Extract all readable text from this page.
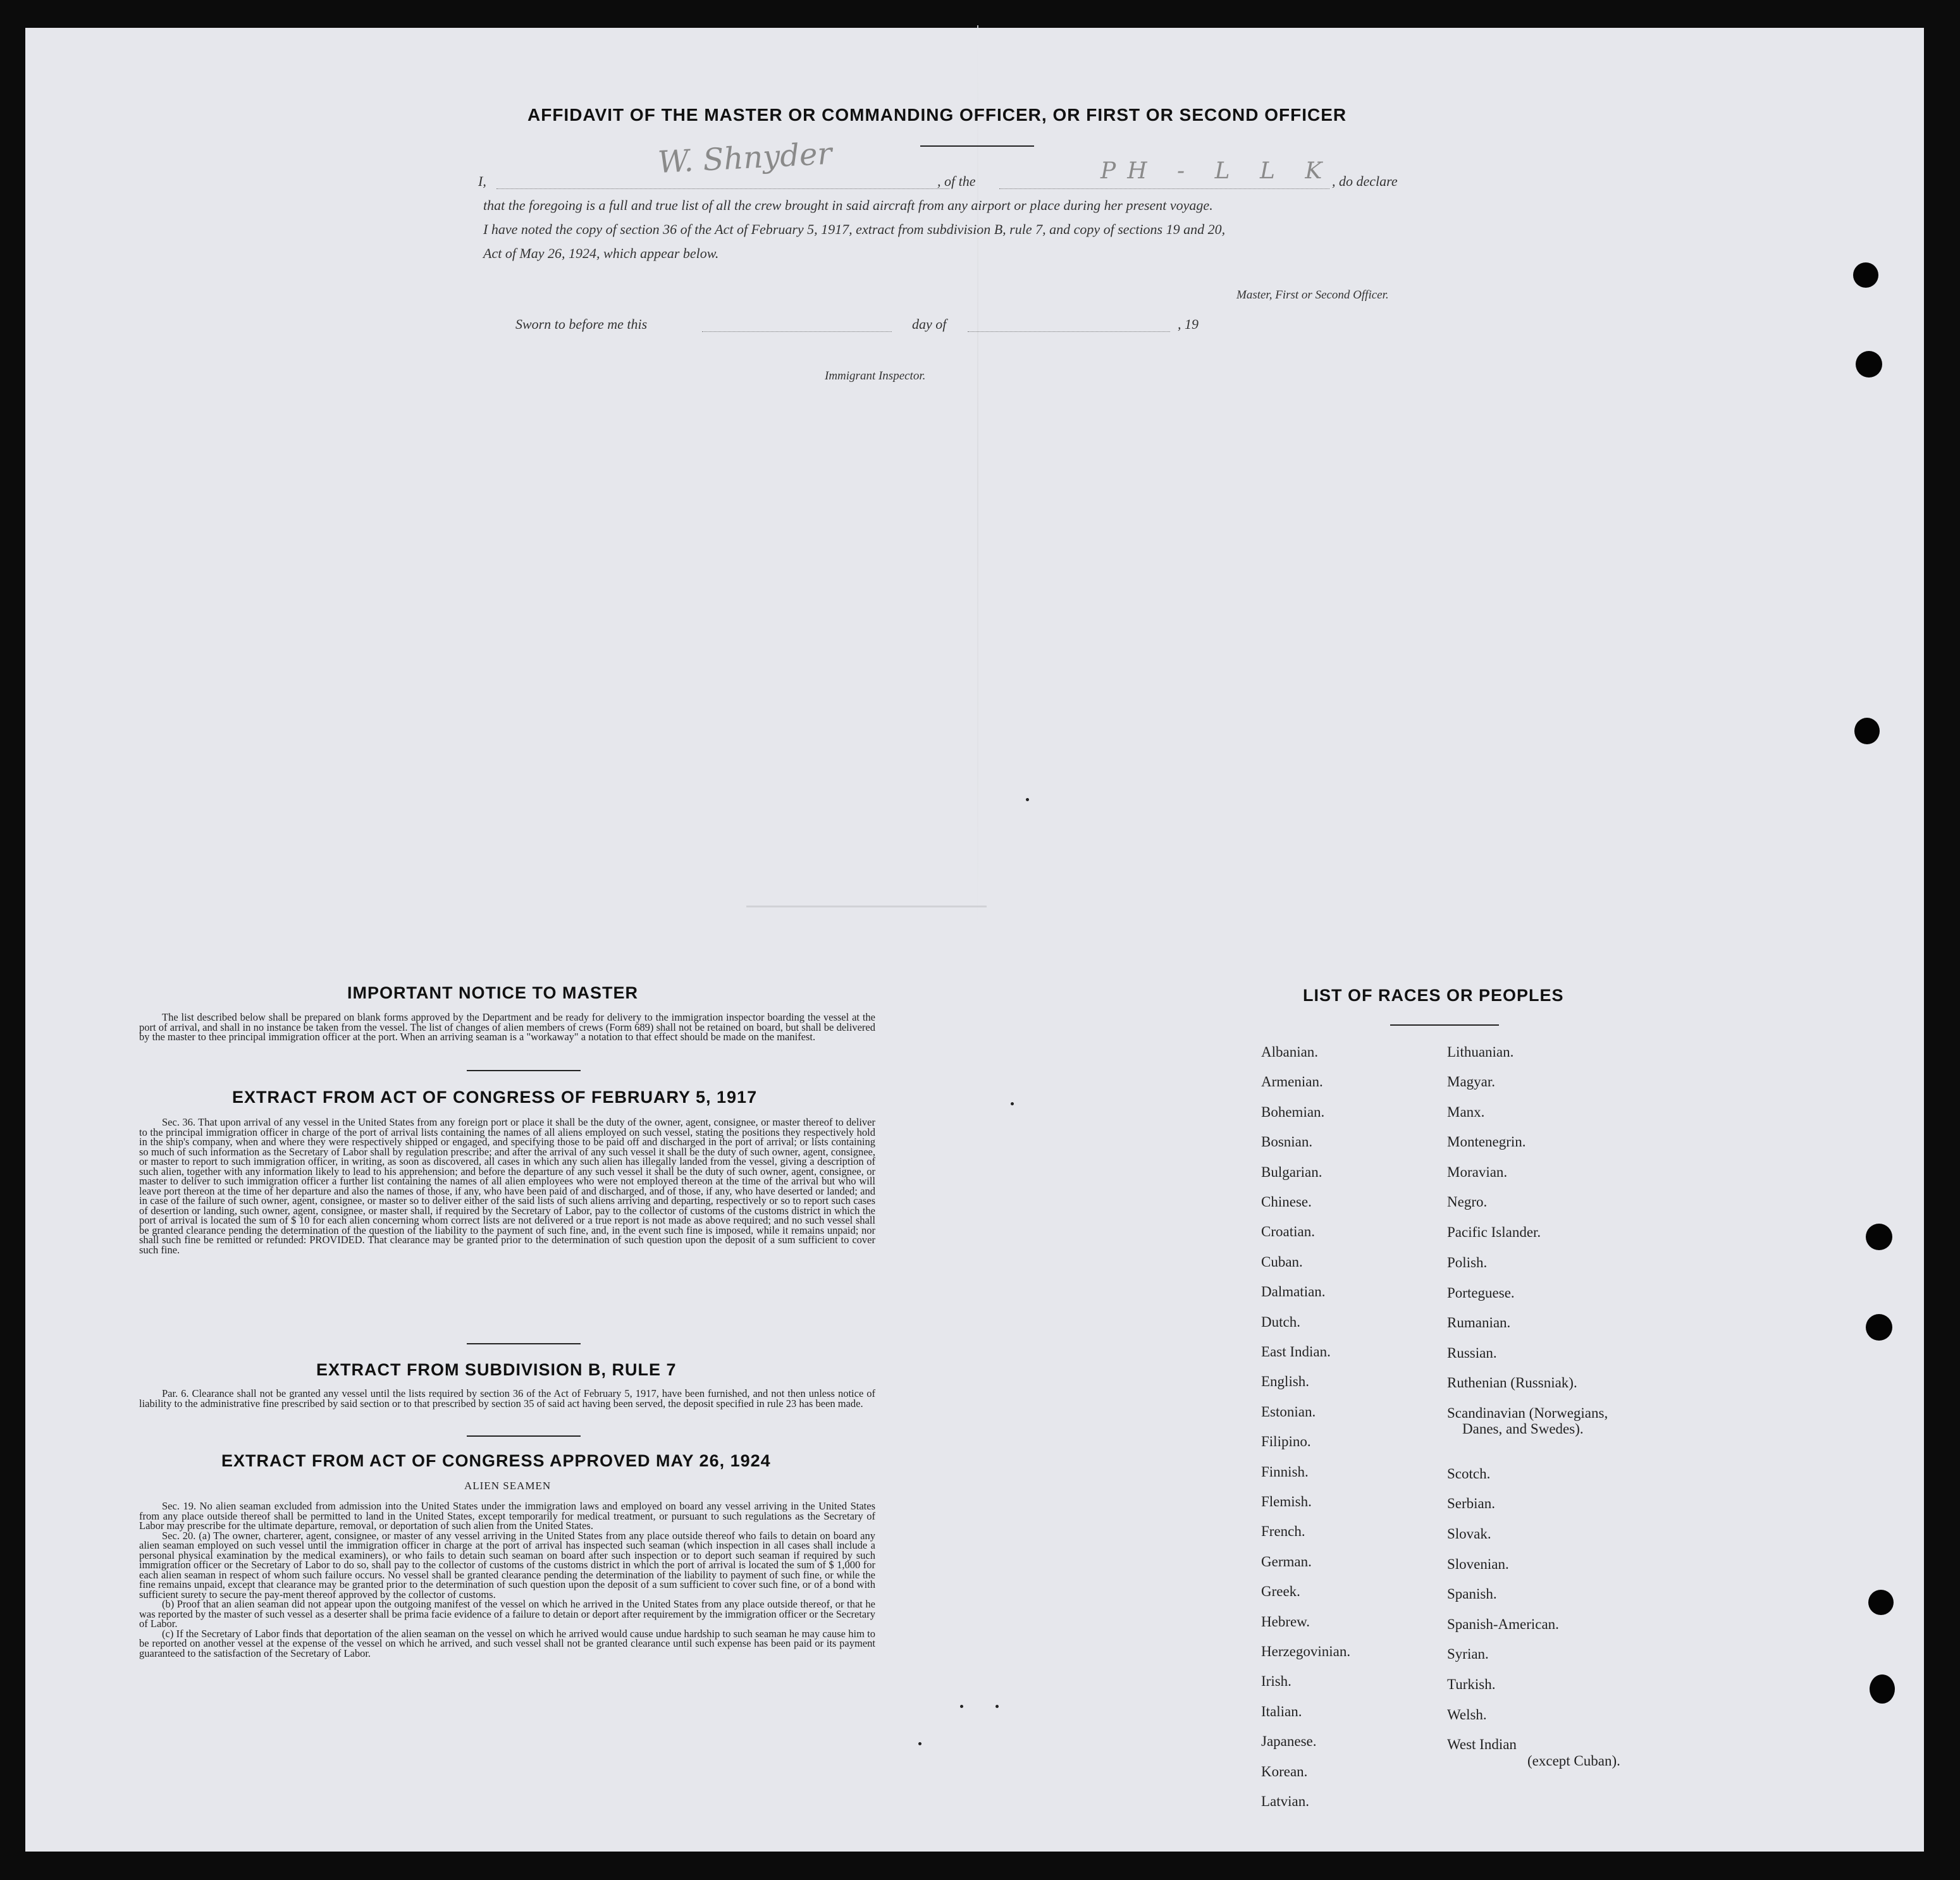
AFFIDAVIT OF THE MASTER OR COMMANDING OFFICER, OR FIRST OR SECOND OFFICER
I,
W. Shnyder
, of the	PH - L L K
, do declare
that the foregoing is a full and true list of all the crew brought in said aircraft from any airport or place during her present voyage.
I have noted the copy of section 36 of the Act of February 5, 1917, extract from subdivision B, rule 7, and copy of sections 19 and 20,
Act of May 26, 1924, which appear below.
Master, First or Second Officer.
Sworn to before me this	day of	, 19
Immigrant Inspector.
IMPORTANT NOTICE TO MASTER

The list described below shall be prepared on blank forms approved by the Department and be ready for delivery to the immigration inspector boarding the vessel at the port of arrival, and shall in no instance be taken from the vessel. The list of changes of alien members of crews (Form 689) shall not be retained on board, but shall be delivered by the master to thee principal immigration officer at the port. When an arriving seaman is a "workaway" a notation to that effect should be made on the manifest.

EXTRACT FROM ACT OF CONGRESS OF FEBRUARY 5, 1917

Sec. 36. That upon arrival of any vessel in the United States from any foreign port or place it shall be the duty of the owner, agent, consignee, or master thereof to deliver to the principal immigration officer in charge of the port of arrival lists containing the names of all aliens employed on such vessel, stating the positions they respectively hold in the ship's company, when and where they were respectively shipped or engaged, and specifying those to be paid off and discharged in the port of arrival; or lists containing so much of such information as the Secretary of Labor shall by regulation prescribe; and after the arrival of any such vessel it shall be the duty of such owner, agent, consignee, or master to report to such immigration officer, in writing, as soon as discovered, all cases in which any such alien has illegally landed from the vessel, giving a description of such alien, together with any information likely to lead to his apprehension; and before the departure of any such vessel it shall be the duty of such owner, agent, consignee, or master to deliver to such immigration officer a further list containing the names of all alien employees who were not employed thereon at the time of the arrival but who will leave port thereon at the time of her departure and also the names of those, if any, who have been paid of and discharged, and of those, if any, who have deserted or landed; and in case of the failure of such owner, agent, consignee, or master so to deliver either of the said lists of such aliens arriving and departing, respectively or so to report such cases of desertion or landing, such owner, agent, consignee, or master shall, if required by the Secretary of Labor, pay to the collector of customs of the customs district in which the port of arrival is located the sum of $ 10 for each alien concerning whom correct lists are not delivered or a true report is not made as above required; and no such vessel shall be granted clearance pending the determination of the question of the liability to the payment of such fine, and, in the event such fine is imposed, while it remains unpaid; nor shall such fine be remitted or refunded: PROVIDED. That clearance may be granted prior to the determination of such question upon the deposit of a sum sufficient to cover such fine.

EXTRACT FROM SUBDIVISION B, RULE 7

Par. 6. Clearance shall not be granted any vessel until the lists required by section 36 of the Act of February 5, 1917, have been furnished, and not then unless notice of liability to the administrative fine prescribed by said section or to that prescribed by section 35 of said act having been served, the deposit specified in rule 23 has been made.

EXTRACT FROM ACT OF CONGRESS APPROVED MAY 26, 1924
ALIEN SEAMEN

Sec. 19. No alien seaman excluded from admission into the United States under the immigration laws and employed on board any vessel arriving in the United States from any place outside thereof shall be permitted to land in the United States, except temporarily for medical treatment, or pursuant to such regulations as the Secretary of Labor may prescribe for the ultimate departure, removal, or deportation of such alien from the United States.

Sec. 20. (a) The owner, charterer, agent, consignee, or master of any vessel arriving in the United States from any place outside thereof who fails to detain on board any alien seaman employed on such vessel until the immigration officer in charge at the port of arrival has inspected such seaman (which inspection in all cases shall include a personal physical examination by the medical examiners), or who fails to detain such seaman on board after such inspection or to deport such seaman if required by such immigration officer or the Secretary of Labor to do so, shall pay to the collector of customs of the customs district in which the port of arrival is located the sum of $ 1,000 for each alien seaman in respect of whom such failure occurs. No vessel shall be granted clearance pending the determination of the liability to payment of such fine, or while the fine remains unpaid, except that clearance may be granted prior to the determination of such question upon the deposit of a sum sufficient to cover such fine, or of a bond with sufficient surety to secure the pay-ment thereof approved by the collector of customs.

(b) Proof that an alien seaman did not appear upon the outgoing manifest of the vessel on which he arrived in the United States from any place outside thereof, or that he was reported by the master of such vessel as a deserter shall be prima facie evidence of a failure to detain or deport after requirement by the immigration officer or the Secretary of Labor.

(c) If the Secretary of Labor finds that deportation of the alien seaman on the vessel on which he arrived would cause undue hardship to such seaman he may cause him to be reported on another vessel at the expense of the vessel on which he arrived, and such vessel shall not be granted clearance until such expense has been paid or its payment guaranteed to the satisfaction of the Secretary of Labor.

LIST OF RACES OR PEOPLES
Albanian.
Armenian.
Bohemian.
Bosnian.
Bulgarian.
Chinese.
Croatian.
Cuban.
Dalmatian.
Dutch.
East Indian.
English.
Estonian.
Filipino.
Finnish.
Flemish.
French.
German.
Greek.
Hebrew.
Herzegovinian.
Irish.
Italian.
Japanese.
Korean.
Latvian.
Lithuanian.
Magyar.
Manx.
Montenegrin.
Moravian.
Negro.
Pacific Islander.
Polish.
Porteguese.
Rumanian.
Russian.
Ruthenian (Russniak).
Scandinavian (Norwegians,
Danes, and Swedes).
Scotch.
Serbian.
Slovak.
Slovenian.
Spanish.
Spanish-American.
Syrian.
Turkish.
Welsh.
West Indian
(except Cuban).
